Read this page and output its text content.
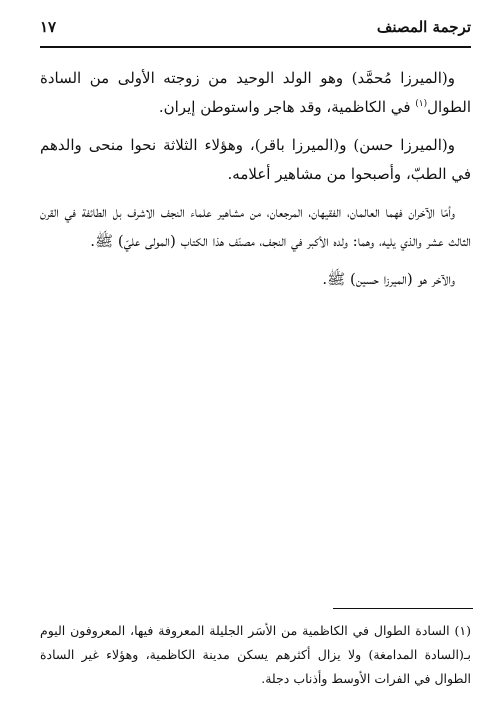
ترجمة المصنف
١٧

و(الميرزا مُحمَّد) وهو الولد الوحيد من زوجته الأولى من السادة الطوال$^{(١)}$ في الكاظمية، وقد هاجر واستوطن إيران.

و(الميرزا حسن) و(الميرزا باقر)، وهؤلاء الثلاثة نحوا منحى والدهم في الطبّ، وأصبحوا من مشاهير أعلامه.

وأمّا الآخران فهما العالمان، الفقيهان، المرجعان، من مشاهير علماء النجف الاشرف بل الطائفة في القرن الثالث عشر والذي يليه، وهما: ولده الأكبر في النجف، مصنّف هذا الكتاب (المولى عليّ) ﷺ.

والآخر هو (الميرزا حسين) ﷺ.

(١) السادة الطوال في الكاظمية من الأسَر الجليلة المعروفة فيها، المعروفون اليوم بـ(السادة المدامغة) ولا يزال أكثرهم يسكن مدينة الكاظمية، وهؤلاء غير السادة الطوال في الفرات الأوسط وأذناب دجلة.
